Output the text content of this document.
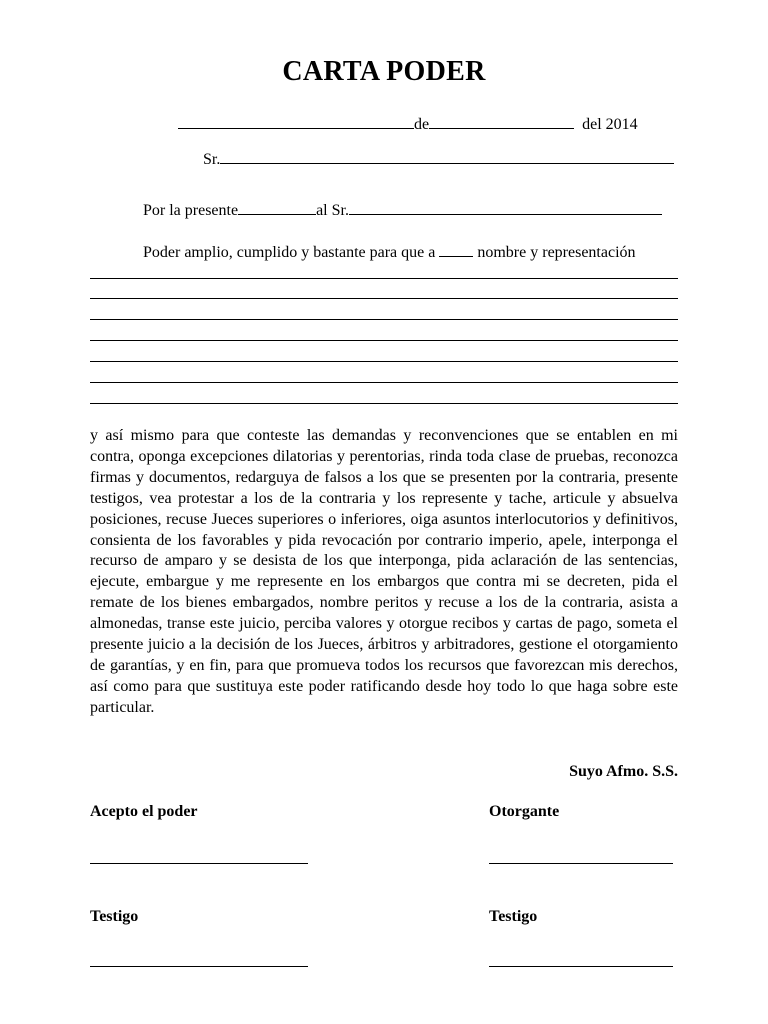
CARTA PODER
de	del 2014
Sr.
Por la presente	al Sr.
Poder amplio, cumplido y bastante para que a	nombre y representación
y así mismo para que conteste las demandas y reconvenciones que se entablen en mi contra, oponga excepciones dilatorias y perentorias, rinda toda clase de pruebas, reconozca firmas y documentos, redarguya de falsos a los que se presenten por la contraria, presente testigos, vea protestar a los de la contraria y los represente y tache, articule y absuelva posiciones, recuse Jueces superiores o inferiores, oiga asuntos interlocutorios y definitivos, consienta de los favorables y pida revocación por contrario imperio, apele, interponga el recurso de amparo y se desista de los que interponga, pida aclaración de las sentencias, ejecute, embargue y me represente en los embargos que contra mi se decreten, pida el remate de los bienes embargados, nombre peritos y recuse a los de la contraria, asista a almonedas, transe este juicio, perciba valores y otorgue recibos y cartas de pago, someta el presente juicio a la decisión de los Jueces, árbitros y arbitradores, gestione el otorgamiento de garantías, y en fin, para que promueva todos los recursos que favorezcan mis derechos, así como para que sustituya este poder ratificando desde hoy todo lo que haga sobre este particular.
Suyo Afmo. S.S.
Acepto el poder	Otorgante
Testigo	Testigo
